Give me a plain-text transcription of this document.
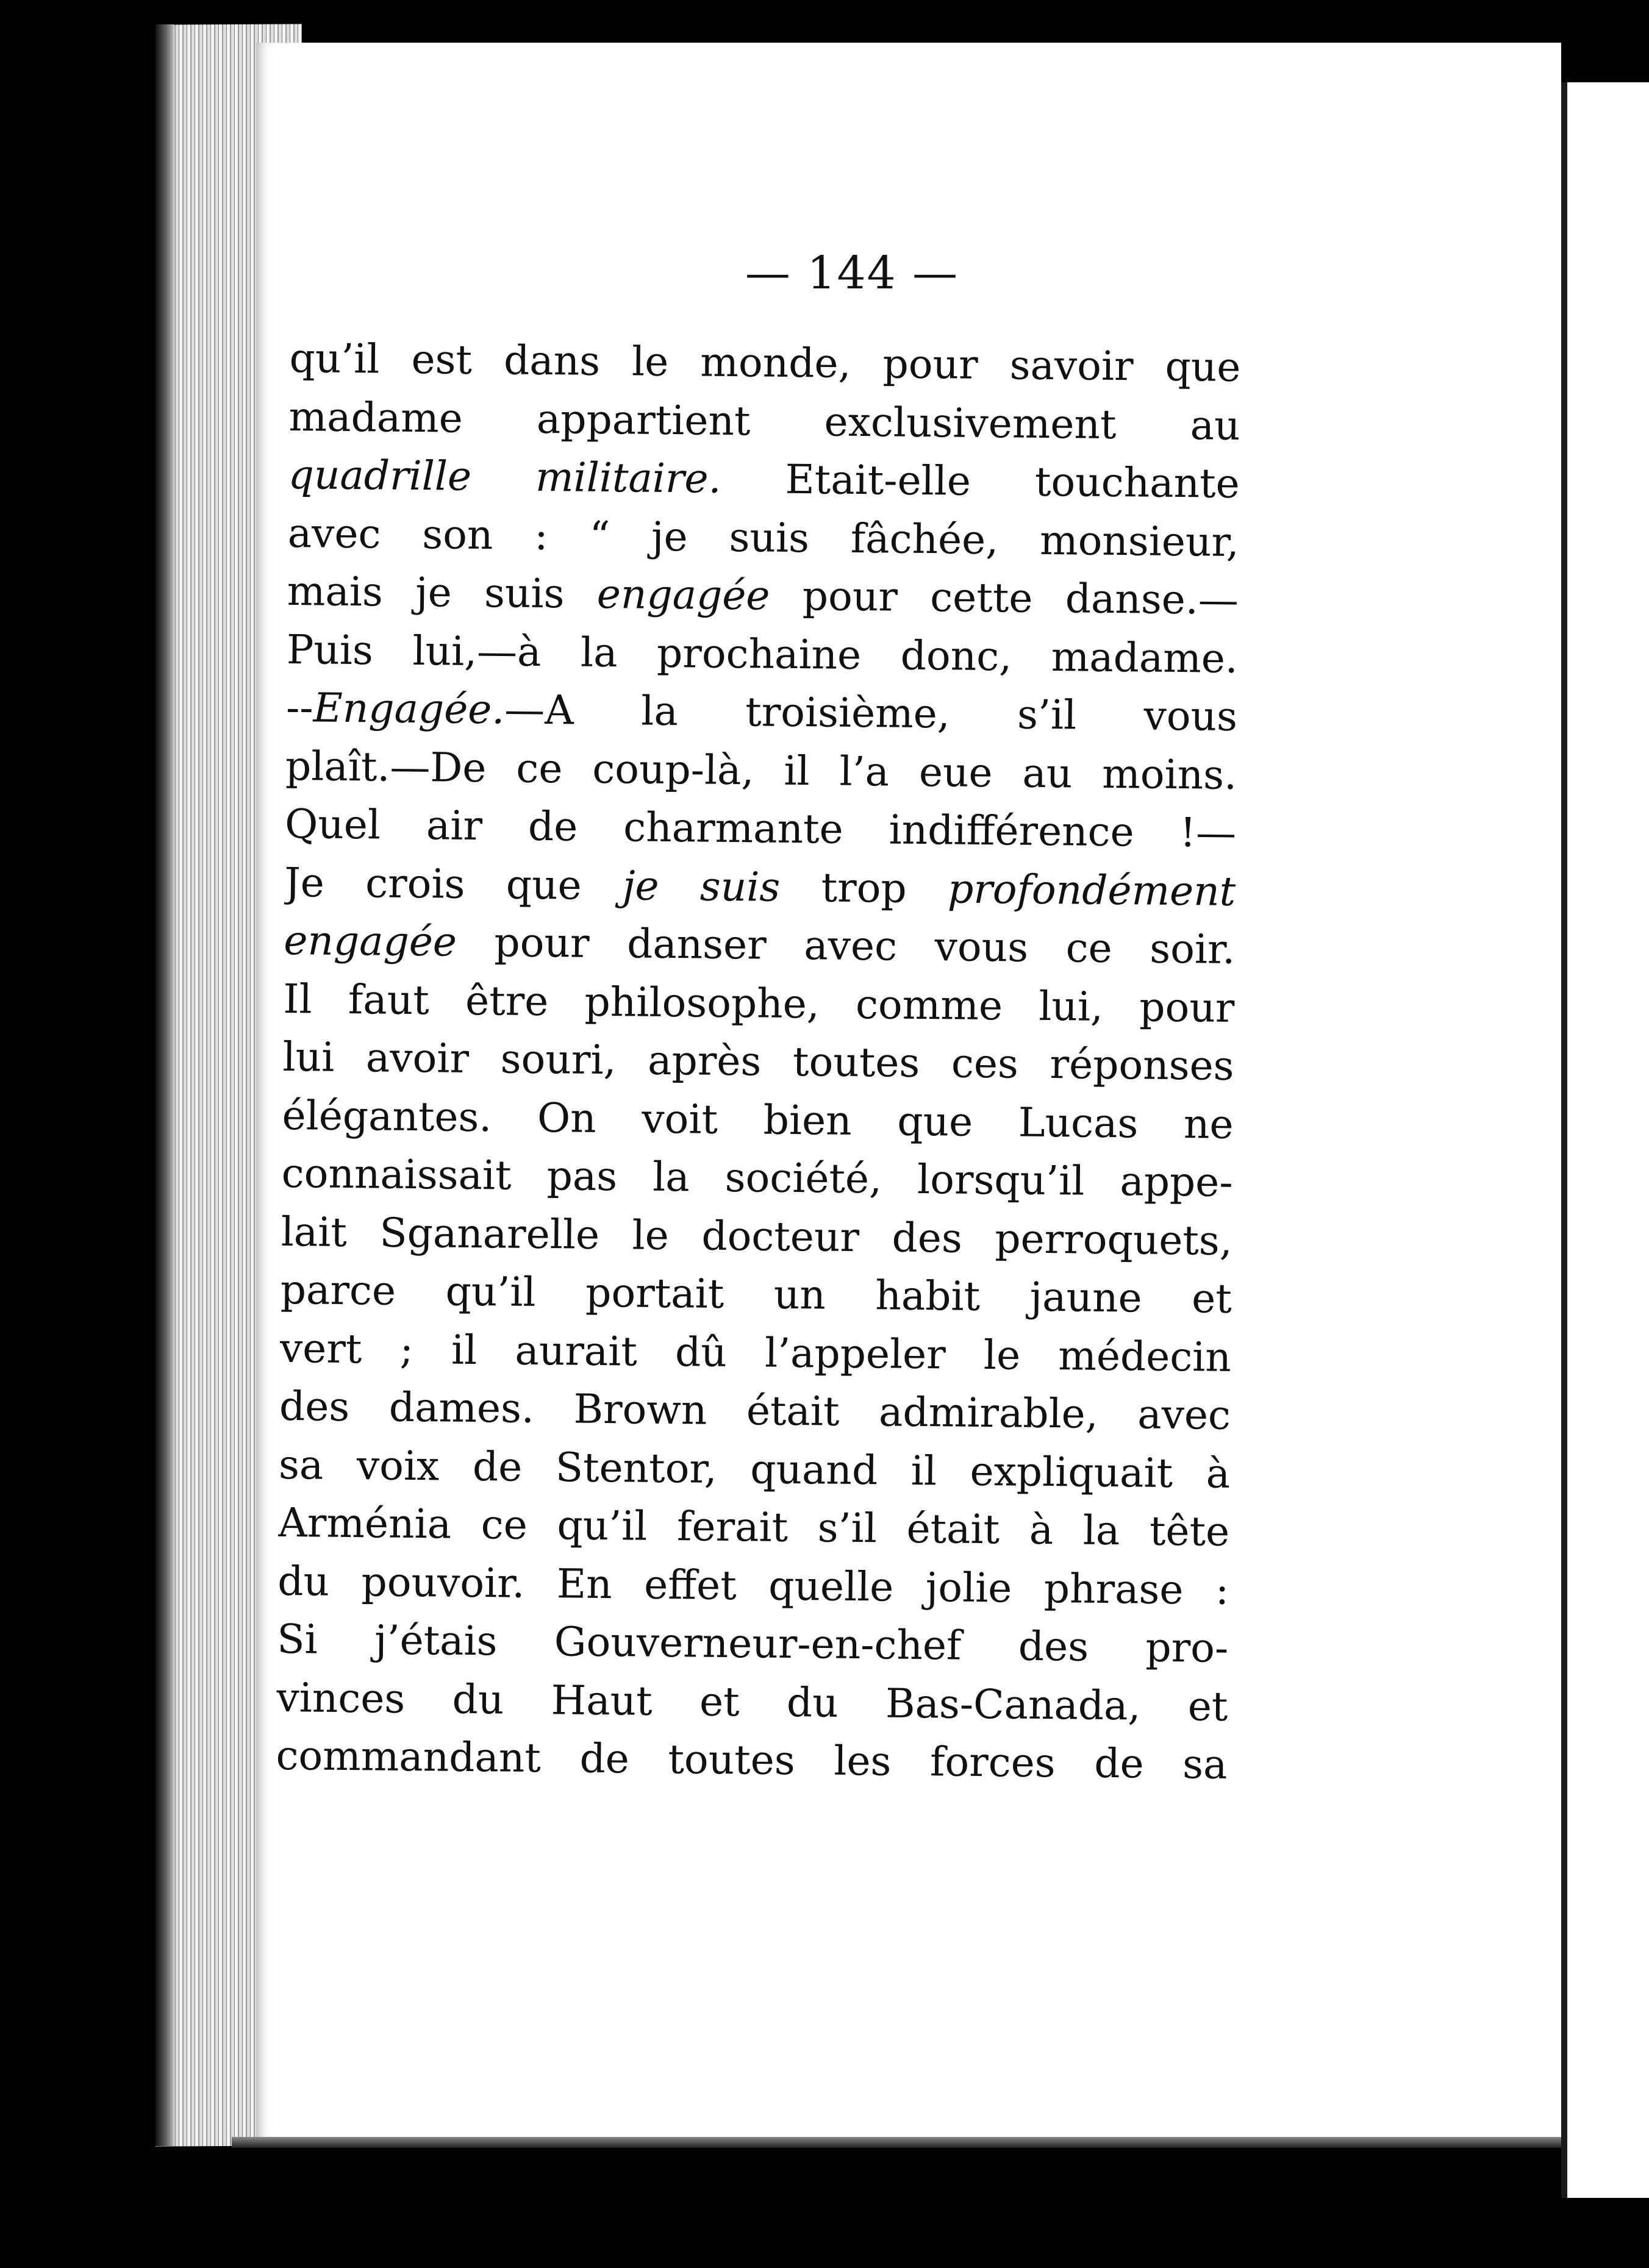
— 144 —
qu’il est dans le monde, pour savoir que
madame appartient exclusivement au
quadrille militaire. Etait-elle touchante
avec son : “ je suis fâchée, monsieur,
mais je suis engagée pour cette danse.—
Puis lui,—à la prochaine donc, madame.
--Engagée.—A la troisième, s’il vous
plaît.—De ce coup-là, il l’a eue au moins.
Quel air de charmante indifférence !—
Je crois que je suis trop profondément
engagée pour danser avec vous ce soir.
Il faut être philosophe, comme lui, pour
lui avoir souri, après toutes ces réponses
élégantes. On voit bien que Lucas ne
connaissait pas la société, lorsqu’il appe-
lait Sganarelle le docteur des perroquets,
parce qu’il portait un habit jaune et
vert ; il aurait dû l’appeler le médecin
des dames. Brown était admirable, avec
sa voix de Stentor, quand il expliquait à
Arménia ce qu’il ferait s’il était à la tête
du pouvoir. En effet quelle jolie phrase :
Si j’étais Gouverneur-en-chef des pro-
vinces du Haut et du Bas-Canada, et
commandant de toutes les forces de sa
